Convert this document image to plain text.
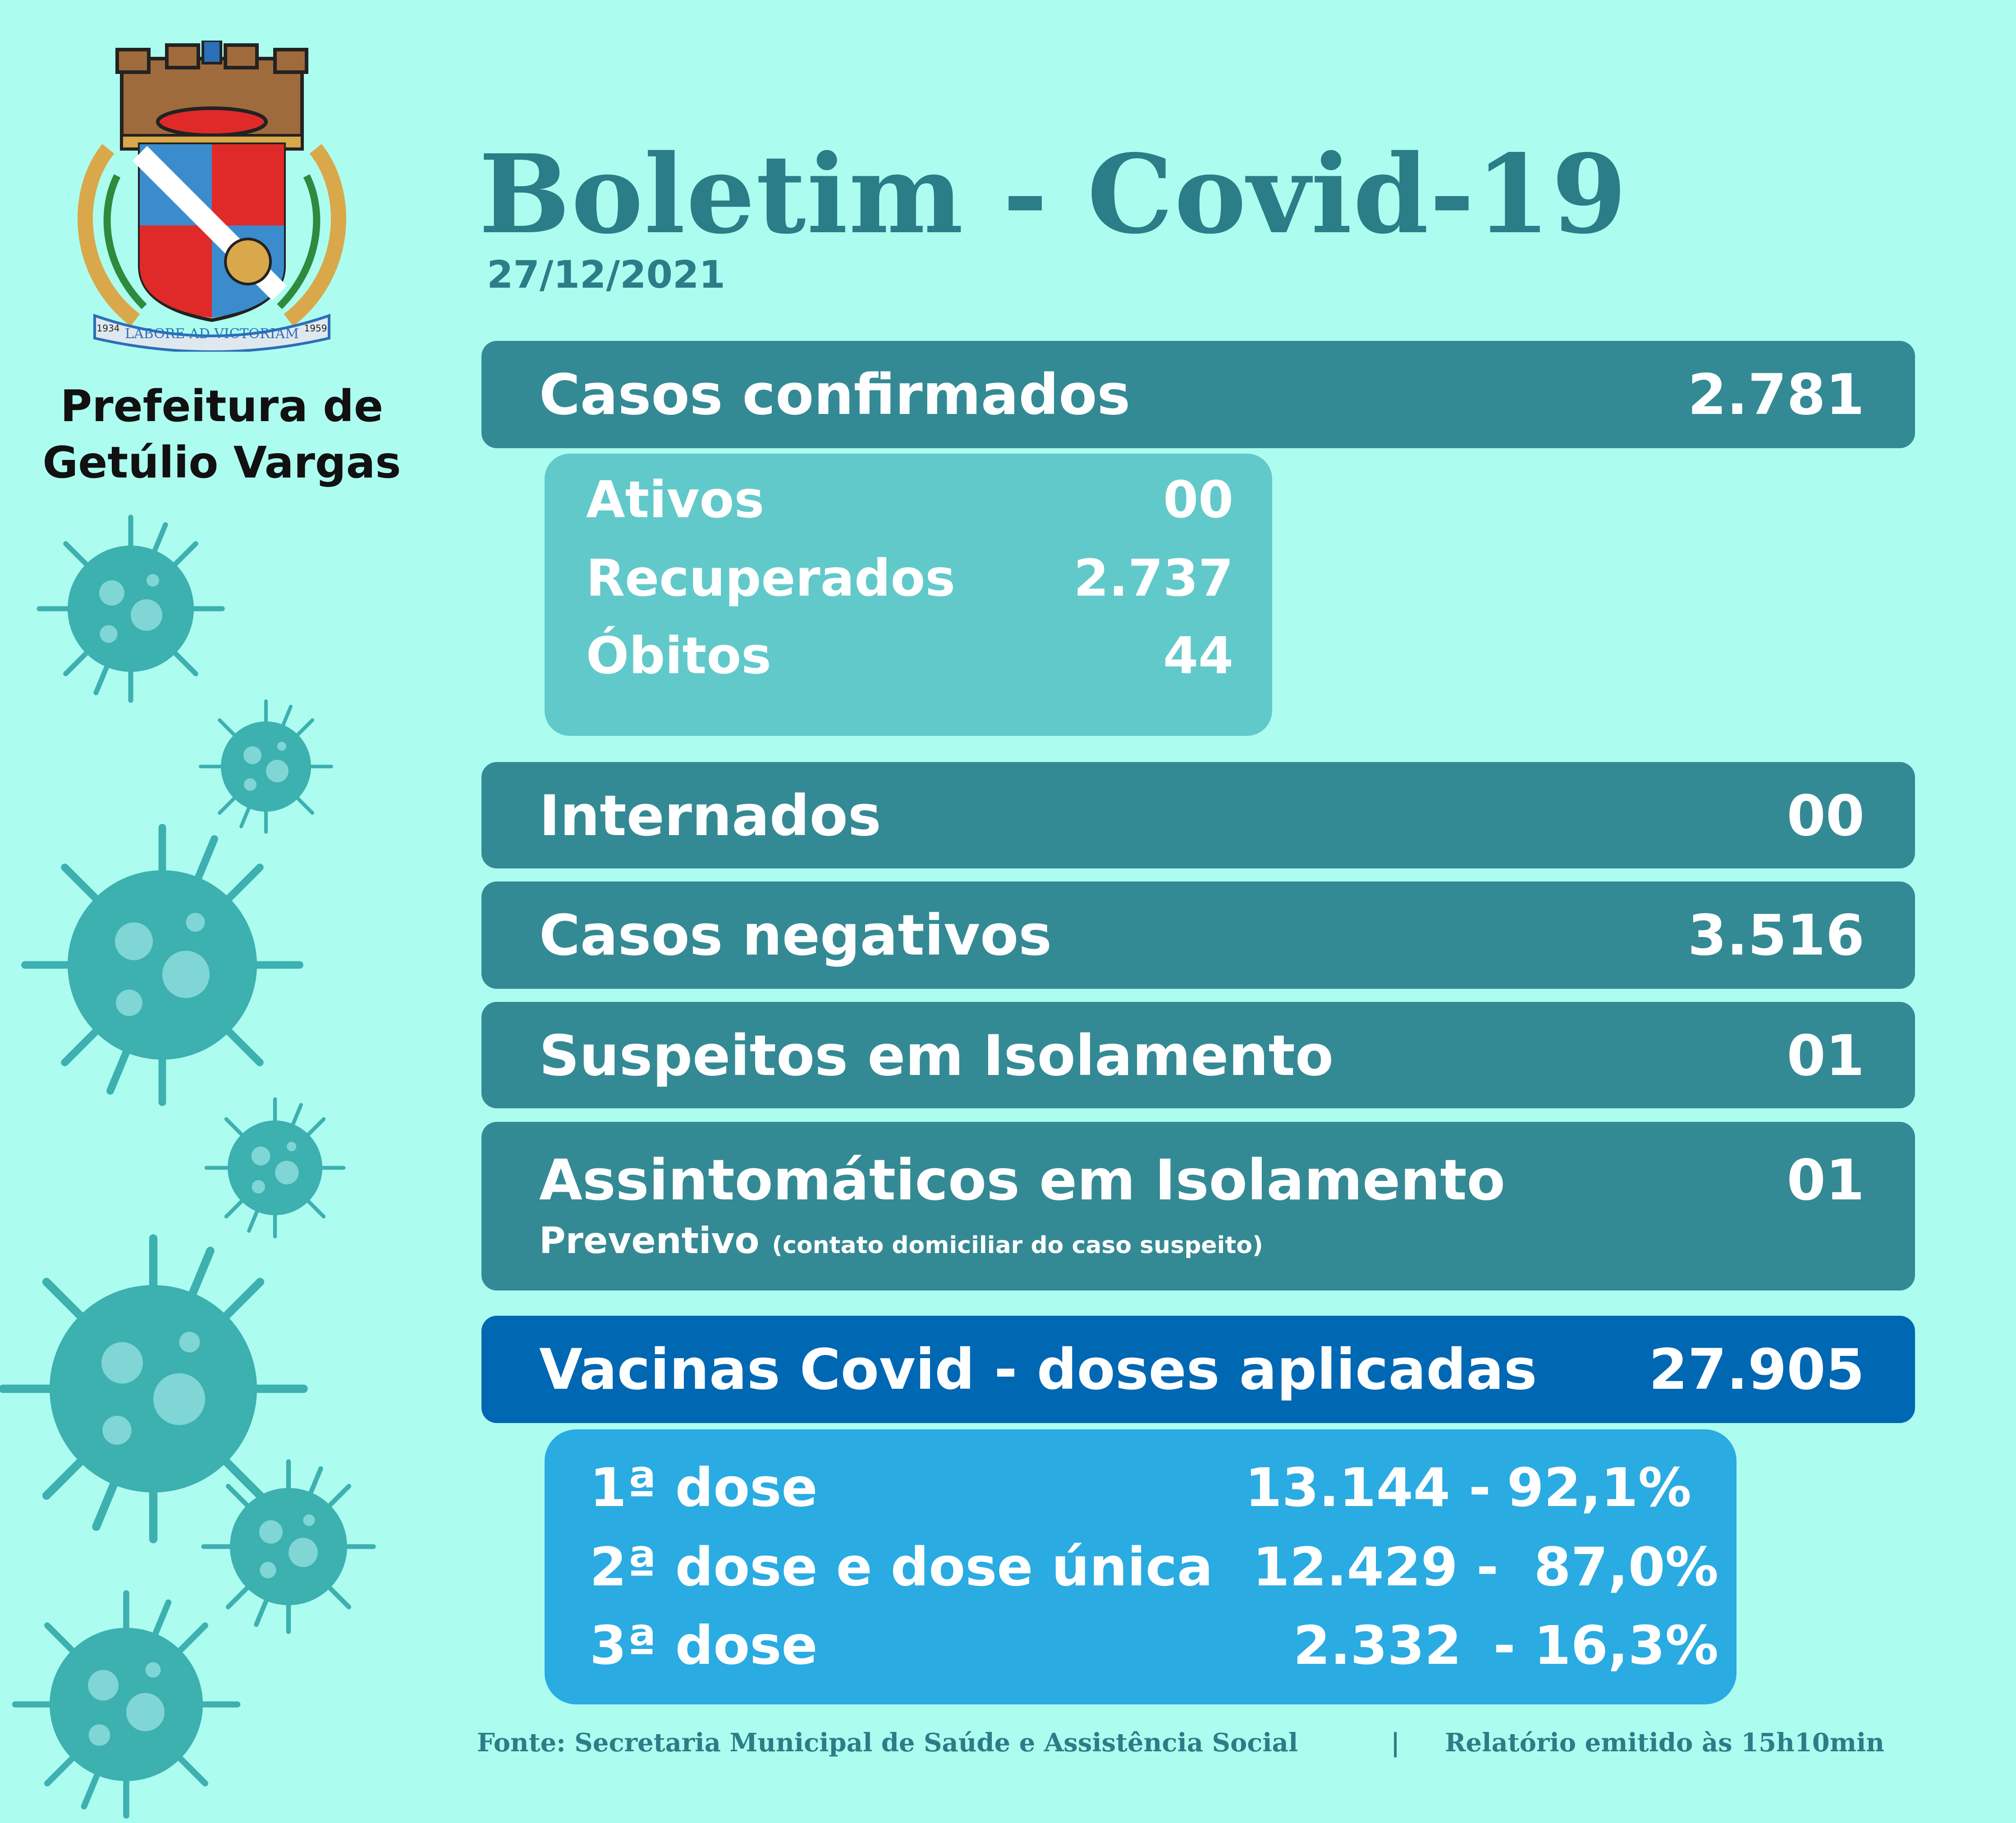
LABORE AD VICTORIAM
1934	1959
Prefeitura de
Getúlio Vargas
Boletim - Covid-19
27/12/2021
Casos confirmados	2.781
Ativos	00
Recuperados 2.737
Óbitos	44
Internados	00
Casos negativos	3.516
Suspeitos em Isolamento	01
Assintomáticos em Isolamento	01
Preventivo (contato domiciliar do caso suspeito)
Vacinas Covid - doses aplicadas 27.905
1ª dose	13.144 - 92,1%
2ª dose e dose única 12.429 - 87,0%
3ª dose	2.332 - 16,3%
Fonte: Secretaria Municipal de Saúde e Assistência Social	| Relatório emitido às 15h10min
